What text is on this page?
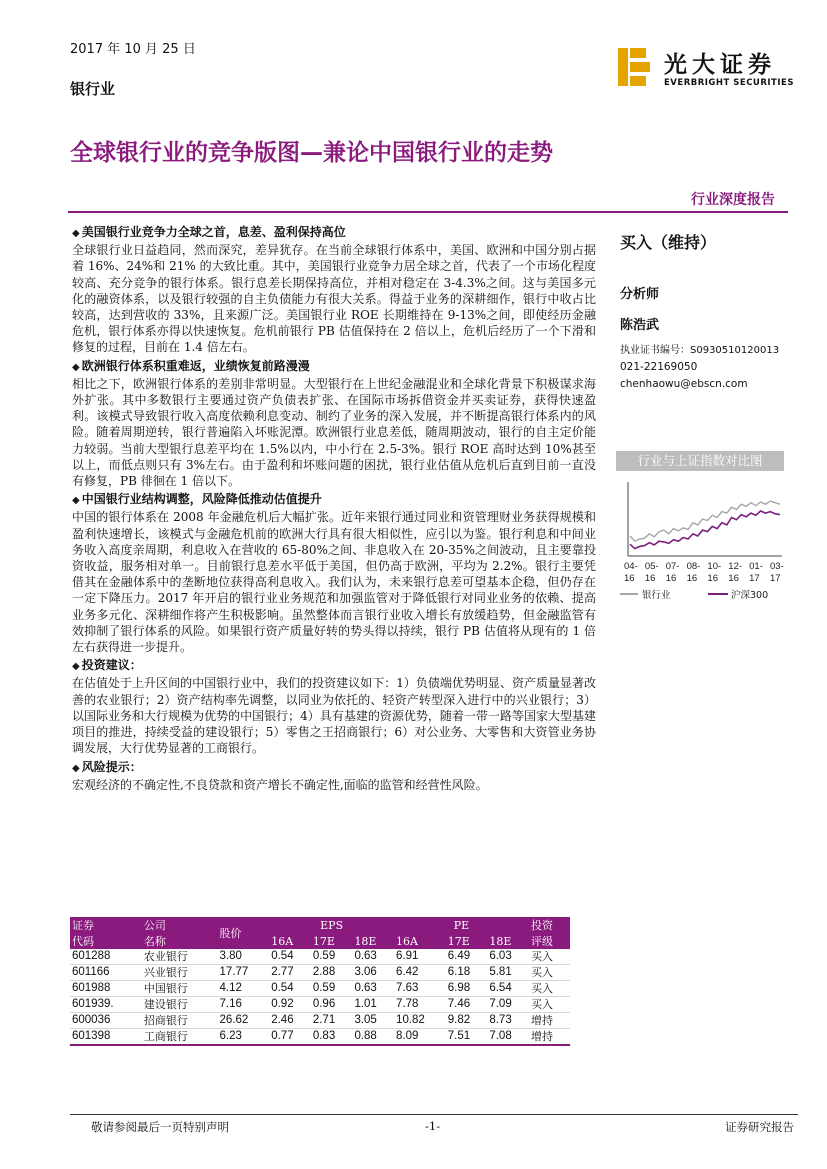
2017 年 10 月 25 日
银行业
光大证券
EVERBRIGHT SECURITIES
全球银行业的竞争版图—兼论中国银行业的走势
行业深度报告
◆ 美国银行业竞争力全球之首，息差、盈利保持高位
全球银行业日益趋同，然而深究，差异犹存。在当前全球银行体系中，美国、欧洲和中国分别占据着 16%、24%和 21% 的大致比重。其中，美国银行业竞争力居全球之首，代表了一个市场化程度较高、充分竞争的银行体系。银行息差长期保持高位，并相对稳定在 3-4.3%之间。这与美国多元化的融资体系，以及银行较强的自主负债能力有很大关系。得益于业务的深耕细作，银行中收占比较高，达到营收的 33%，且来源广泛。美国银行业 ROE 长期维持在 9-13%之间，即使经历金融危机，银行体系亦得以快速恢复。危机前银行 PB 估值保持在 2 倍以上，危机后经历了一个下滑和修复的过程，目前在 1.4 倍左右。
◆ 欧洲银行体系积重难返，业绩恢复前路漫漫
相比之下，欧洲银行体系的差别非常明显。大型银行在上世纪金融混业和全球化背景下积极谋求海外扩张。其中多数银行主要通过资产负债表扩张、在国际市场拆借资金并买卖证券，获得快速盈利。该模式导致银行收入高度依赖利息变动、制约了业务的深入发展，并不断提高银行体系内的风险。随着周期逆转，银行普遍陷入坏账泥潭。欧洲银行业息差低，随周期波动，银行的自主定价能力较弱。当前大型银行息差平均在 1.5%以内，中小行在 2.5-3%。银行 ROE 高时达到 10%甚至以上，而低点则只有 3%左右。由于盈利和坏账问题的困扰，银行业估值从危机后直到目前一直没有修复，PB 徘徊在 1 倍以下。
◆ 中国银行业结构调整，风险降低推动估值提升
中国的银行体系在 2008 年金融危机后大幅扩张。近年来银行通过同业和资管理财业务获得规模和盈利快速增长，该模式与金融危机前的欧洲大行具有很大相似性，应引以为鉴。银行利息和中间业务收入高度亲周期，利息收入在营收的 65-80%之间、非息收入在 20-35%之间波动，且主要靠投资收益，服务相对单一。目前银行息差水平低于美国，但仍高于欧洲，平均为 2.2%。银行主要凭借其在金融体系中的垄断地位获得高利息收入。我们认为，未来银行息差可望基本企稳，但仍存在一定下降压力。2017 年开启的银行业业务规范和加强监管对于降低银行对同业业务的依赖、提高业务多元化、深耕细作将产生积极影响。虽然整体而言银行业收入增长有放缓趋势，但金融监管有效抑制了银行体系的风险。如果银行资产质量好转的势头得以持续，银行 PB 估值将从现有的 1 倍左右获得进一步提升。
◆ 投资建议：
在估值处于上升区间的中国银行业中，我们的投资建议如下：1）负债端优势明显、资产质量显著改善的农业银行；2）资产结构率先调整，以同业为依托的、轻资产转型深入进行中的兴业银行；3）以国际业务和大行规模为优势的中国银行；4）具有基建的资源优势，随着一带一路等国家大型基建项目的推进，持续受益的建设银行；5）零售之王招商银行；6）对公业务、大零售和大资管业务协调发展，大行优势显著的工商银行。
◆ 风险提示：
宏观经济的不确定性,不良贷款和资产增长不确定性,面临的监管和经营性风险。
买入（维持）
分析师
陈浩武
执业证书编号：S0930510120013
021-22169050
chenhaowu@ebscn.com
行业与上证指数对比图
04-
16
05-
16
07-
16
08-
16
10-
16
12-
16
01-
17
03-
17
银行业	沪深300
证券	公司	股价	EPS			PE			投资
代码	名称		16A	17E	18E	16A	17E	18E	评级
601288	农业银行	3.80	0.54	0.59	0.63	6.91	6.49	6.03	买入
601166	兴业银行	17.77	2.77	2.88	3.06	6.42	6.18	5.81	买入
601988	中国银行	4.12	0.54	0.59	0.63	7.63	6.98	6.54	买入
601939.	建设银行	7.16	0.92	0.96	1.01	7.78	7.46	7.09	买入
600036	招商银行	26.62	2.46	2.71	3.05	10.82	9.82	8.73	增持
601398	工商银行	6.23	0.77	0.83	0.88	8.09	7.51	7.08	增持
敬请参阅最后一页特别声明	-1-	证券研究报告
